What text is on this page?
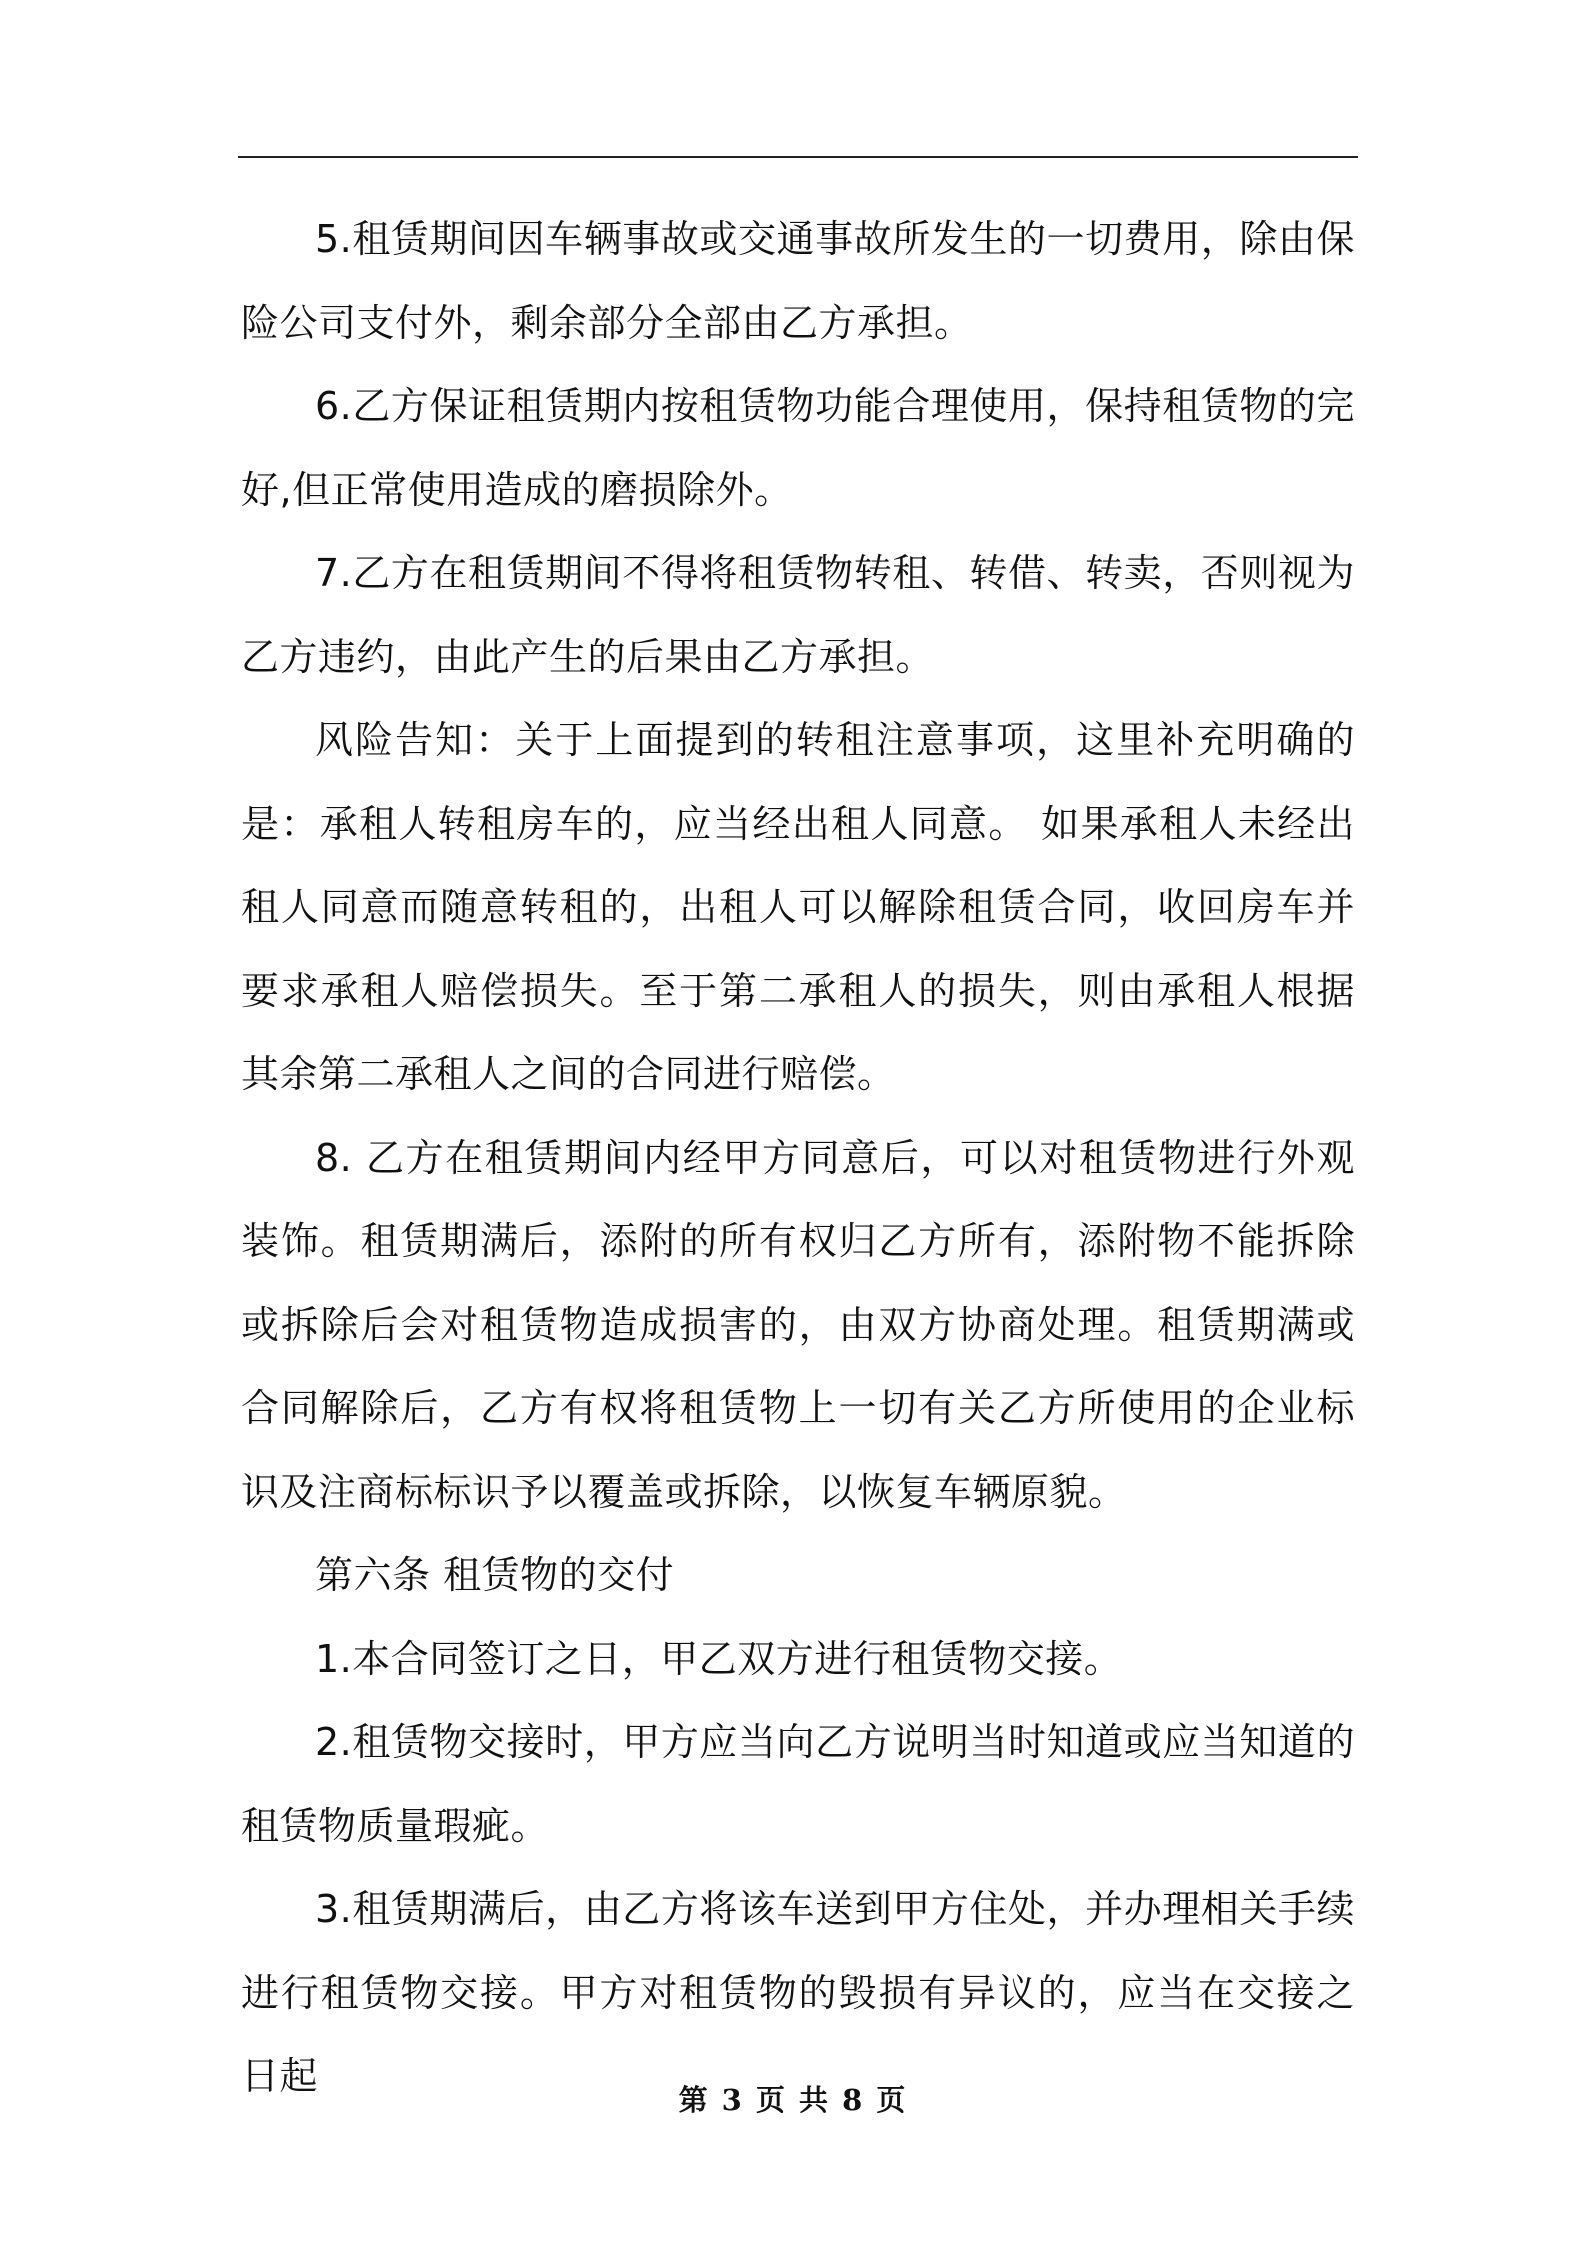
5.租赁期间因车辆事故或交通事故所发生的一切费用，除由保险公司支付外，剩余部分全部由乙方承担。

6.乙方保证租赁期内按租赁物功能合理使用，保持租赁物的完好,但正常使用造成的磨损除外。

7.乙方在租赁期间不得将租赁物转租、转借、转卖，否则视为乙方违约，由此产生的后果由乙方承担。

风险告知：关于上面提到的转租注意事项，这里补充明确的是：承租人转租房车的，应当经出租人同意。 如果承租人未经出租人同意而随意转租的，出租人可以解除租赁合同，收回房车并要求承租人赔偿损失。至于第二承租人的损失，则由承租人根据其余第二承租人之间的合同进行赔偿。

8. 乙方在租赁期间内经甲方同意后，可以对租赁物进行外观装饰。租赁期满后，添附的所有权归乙方所有，添附物不能拆除或拆除后会对租赁物造成损害的，由双方协商处理。租赁期满或合同解除后，乙方有权将租赁物上一切有关乙方所使用的企业标识及注商标标识予以覆盖或拆除，以恢复车辆原貌。

第六条 租赁物的交付

1.本合同签订之日，甲乙双方进行租赁物交接。

2.租赁物交接时，甲方应当向乙方说明当时知道或应当知道的租赁物质量瑕疵。

3.租赁期满后，由乙方将该车送到甲方住处，并办理相关手续进行租赁物交接。甲方对租赁物的毁损有异议的，应当在交接之日起

第 3 页 共 8 页
